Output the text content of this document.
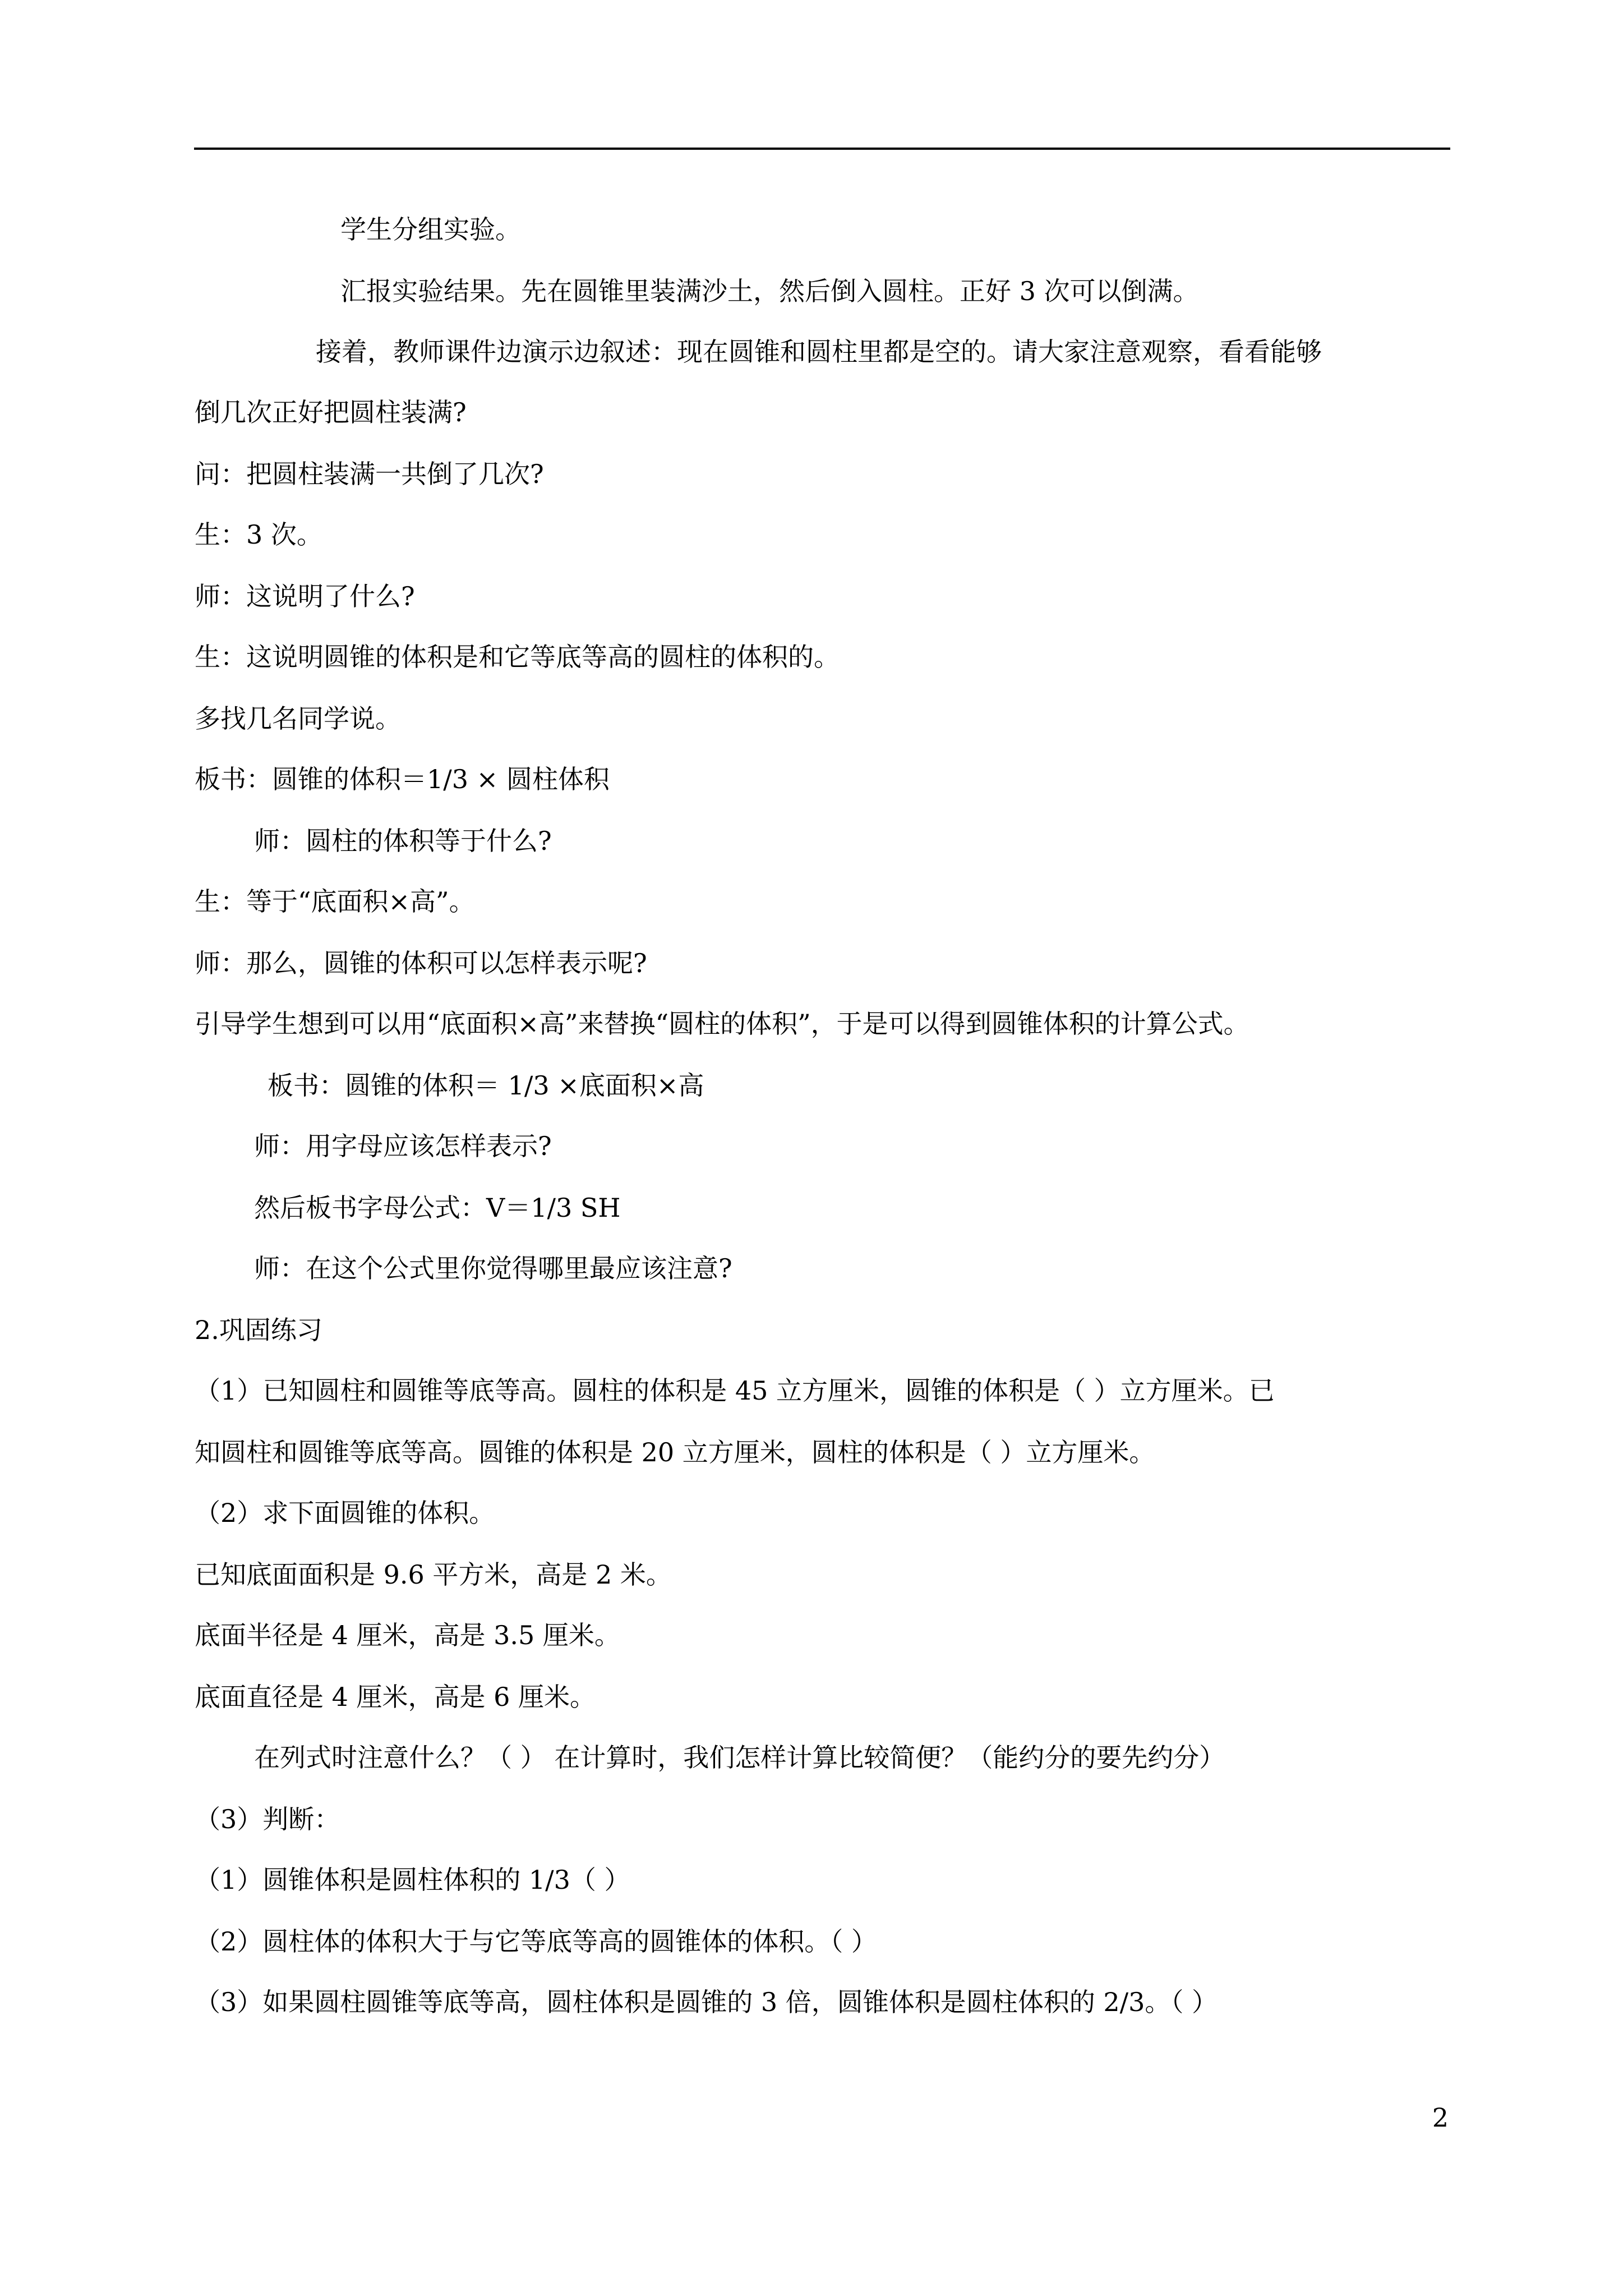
学生分组实验。
汇报实验结果。先在圆锥里装满沙土，然后倒入圆柱。正好 3 次可以倒满。
接着，教师课件边演示边叙述：现在圆锥和圆柱里都是空的。请大家注意观察，看看能够
倒几次正好把圆柱装满?
问：把圆柱装满一共倒了几次?
生：3 次。
师：这说明了什么?
生：这说明圆锥的体积是和它等底等高的圆柱的体积的。
多找几名同学说。
板书：圆锥的体积＝1/3 × 圆柱体积
师：圆柱的体积等于什么?
生：等于“底面积×高”。
师：那么，圆锥的体积可以怎样表示呢?
引导学生想到可以用“底面积×高”来替换“圆柱的体积”，于是可以得到圆锥体积的计算公式。
板书：圆锥的体积＝ 1/3 ×底面积×高
师：用字母应该怎样表示?
然后板书字母公式：V＝1/3 SH
师：在这个公式里你觉得哪里最应该注意?
2.巩固练习
（1）已知圆柱和圆锥等底等高。圆柱的体积是 45 立方厘米，圆锥的体积是（ ）立方厘米。已
知圆柱和圆锥等底等高。圆锥的体积是 20 立方厘米，圆柱的体积是（ ）立方厘米。
（2）求下面圆锥的体积。
已知底面面积是 9.6 平方米，高是 2 米。
底面半径是 4 厘米，高是 3.5 厘米。
底面直径是 4 厘米，高是 6 厘米。
在列式时注意什么？（ ） 在计算时，我们怎样计算比较简便？（能约分的要先约分）
（3）判断：
（1）圆锥体积是圆柱体积的 1/3（ ）
（2）圆柱体的体积大于与它等底等高的圆锥体的体积。（ ）
（3）如果圆柱圆锥等底等高，圆柱体积是圆锥的 3 倍，圆锥体积是圆柱体积的 2/3。（ ）
2
